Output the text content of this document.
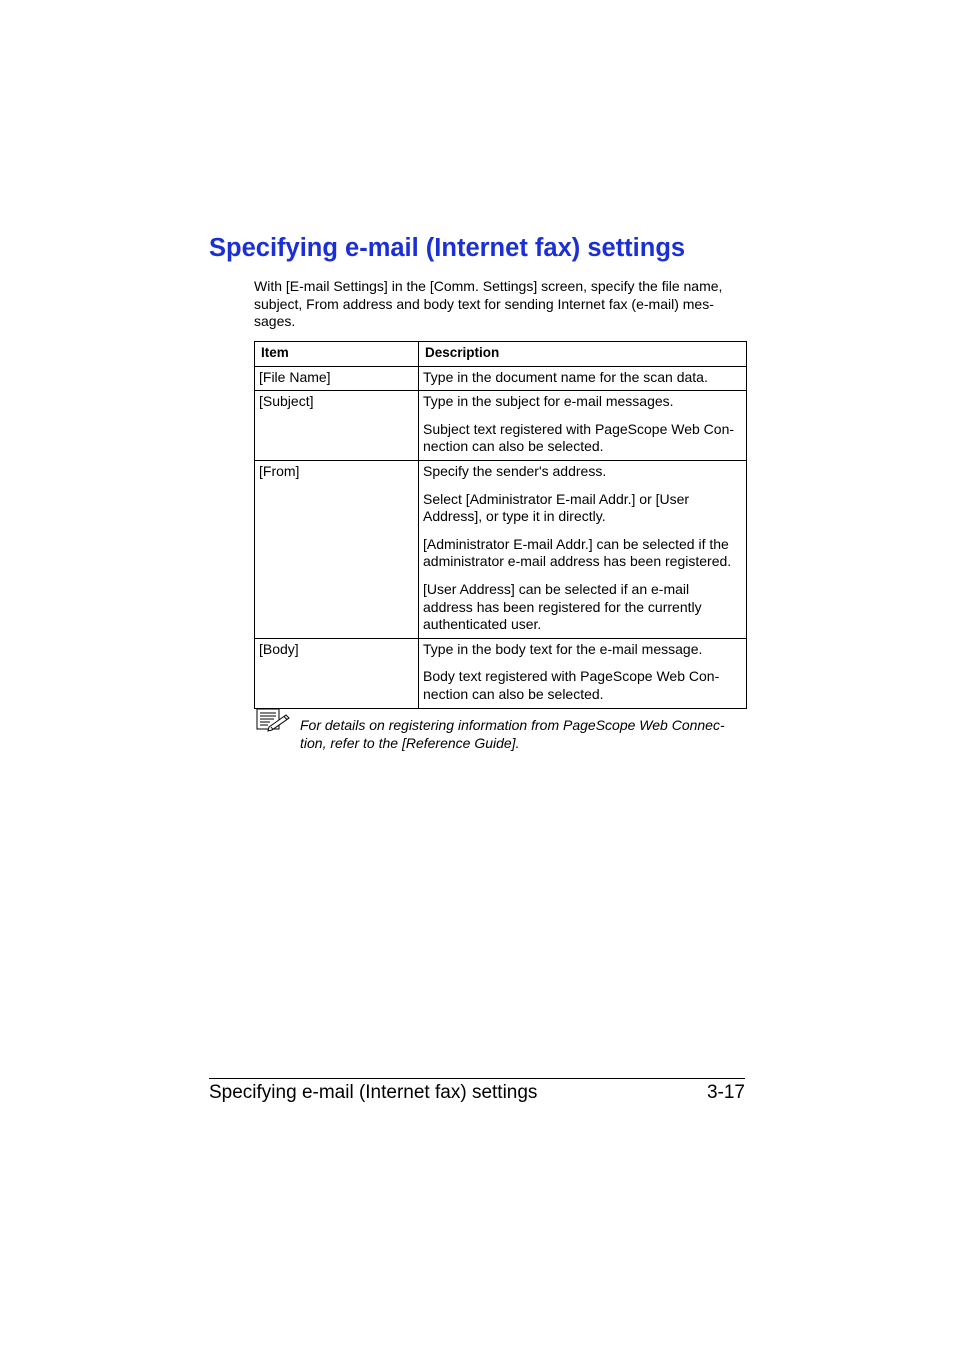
Specifying e-mail (Internet fax) settings

With [E-mail Settings] in the [Comm. Settings] screen, specify the file name, subject, From address and body text for sending Internet fax (e-mail) mes-sages.

Item	Description
[File Name]	Type in the document name for the scan data.

[Subject]	Type in the subject for e-mail messages.

Subject text registered with PageScope Web Con-nection can also be selected.

[From]	Specify the sender's address.

Select [Administrator E-mail Addr.] or [User Address], or type it in directly.

[Administrator E-mail Addr.] can be selected if the administrator e-mail address has been registered.

[User Address] can be selected if an e-mail address has been registered for the currently authenticated user.

[Body]	Type in the body text for the e-mail message.

Body text registered with PageScope Web Con-nection can also be selected.

For details on registering information from PageScope Web Connec-tion, refer to the [Reference Guide].

Specifying e-mail (Internet fax) settings	3-17
